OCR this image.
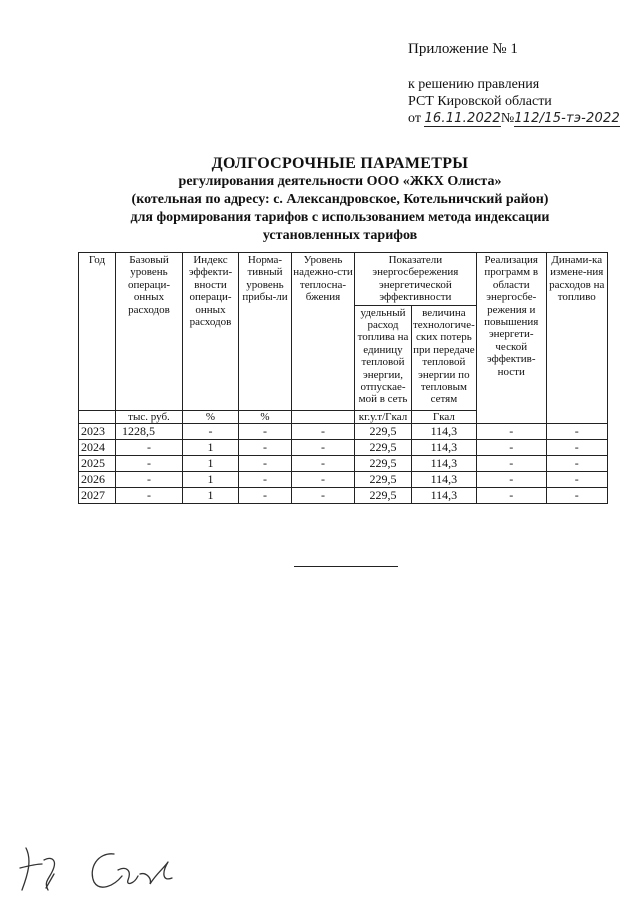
Приложение № 1
к решению правления
РСТ Кировской области
от 16.11.2022№112/15-тэ-2022
ДОЛГОСРОЧНЫЕ ПАРАМЕТРЫ
регулирования деятельности ООО «ЖКХ Олиста»
(котельная по адресу: с. Александровское, Котельничский район)
для формирования тарифов с использованием метода индексации
установленных тарифов
Год	Базовый уровень операци-онных расходов	Индекс эффекти-вности операци-онных расходов	Норма-тивный уровень прибы-ли	Уровень надежно-сти теплосна-бжения	Показатели энергосбережения энергетической эффективности		Реализация программ в области энергосбе-режения и повышения энергети-ческой эффектив-ности	Динами-ка измене-ния расходов на топливо
					удельный расход топлива на единицу тепловой энергии, отпускае-мой в сеть	величина технологиче-ских потерь при передаче тепловой энергии по тепловым сетям		
	тыс. руб.	%	%		кг.у.т/Гкал	Гкал		
2023	1228,5	-	-	-	229,5	114,3	-	-
2024	-	1	-	-	229,5	114,3	-	-
2025	-	1	-	-	229,5	114,3	-	-
2026	-	1	-	-	229,5	114,3	-	-
2027	-	1	-	-	229,5	114,3	-	-
